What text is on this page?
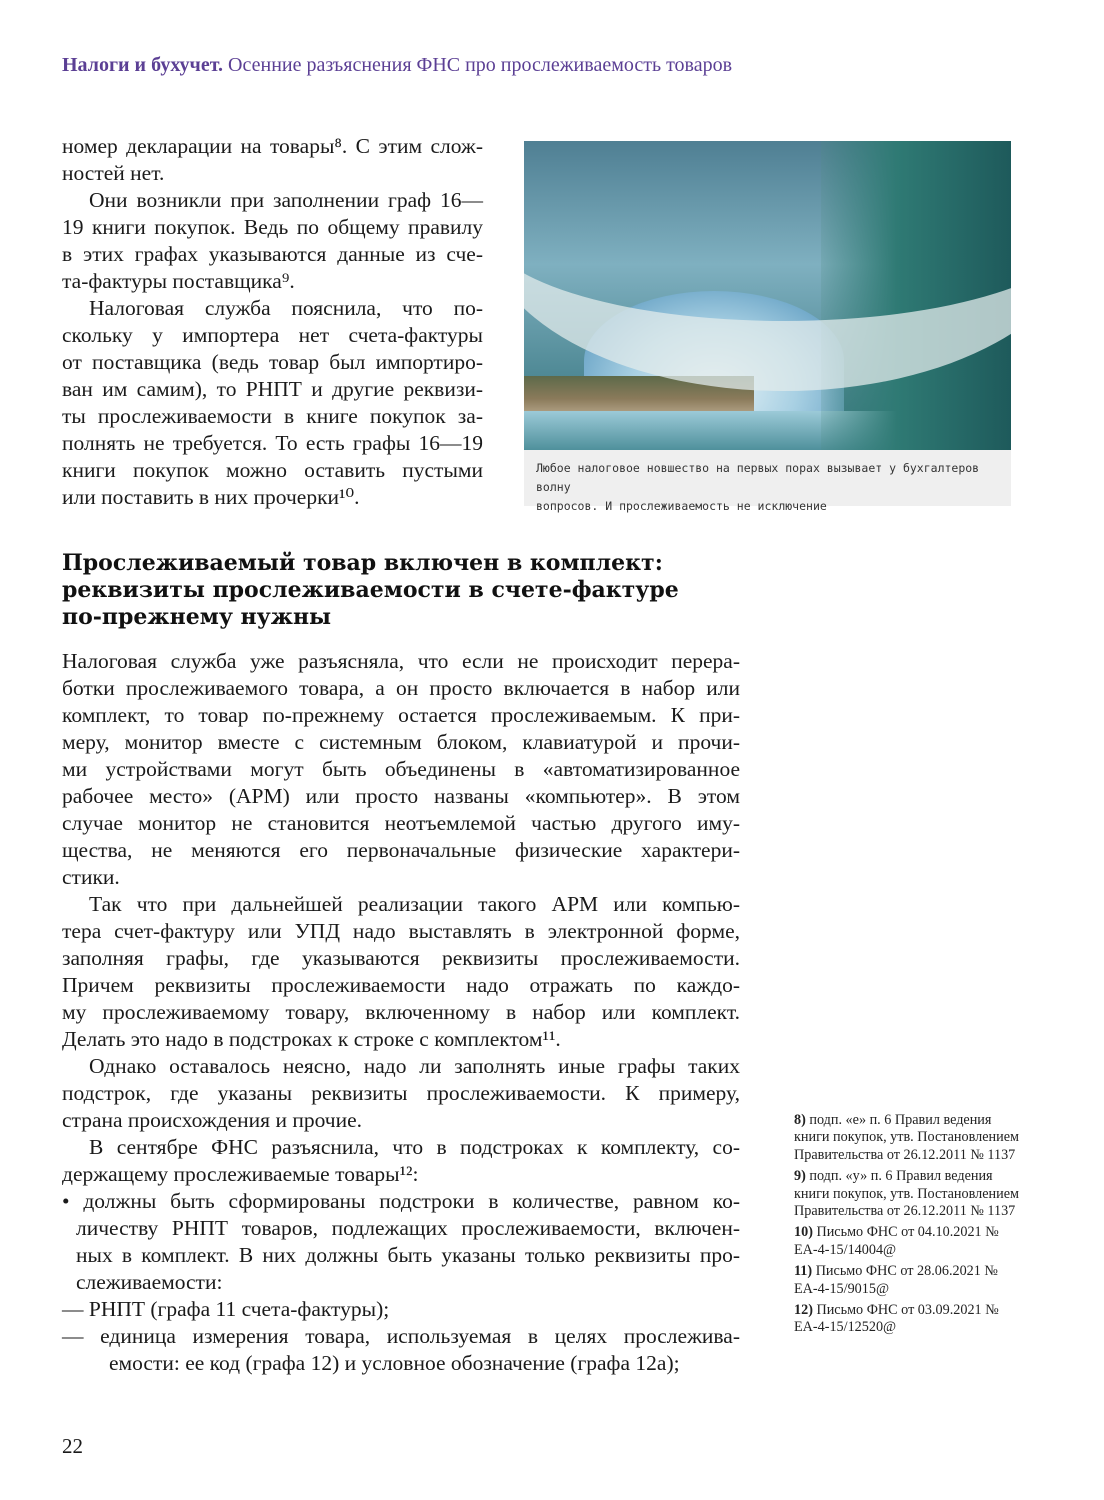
Налоги и бухучет. Осенние разъяснения ФНС про прослеживаемость товаров
номер декларации на товары⁸. С этим слож-
ностей нет.
Они возникли при заполнении граф 16—
19 книги покупок. Ведь по общему правилу
в этих графах указываются данные из сче-
та-фактуры поставщика⁹.
Налоговая служба пояснила, что по-
скольку у импортера нет счета-фактуры
от поставщика (ведь товар был импортиро-
ван им самим), то РНПТ и другие реквизи-
ты прослеживаемости в книге покупок за-
полнять не требуется. То есть графы 16—19
книги покупок можно оставить пустыми
или поставить в них прочерки¹⁰.
Любое налоговое новшество на первых порах вызывает у бухгалтеров волну
вопросов. И прослеживаемость не исключение
Прослеживаемый товар включен в комплект:
реквизиты прослеживаемости в счете-фактуре
по-прежнему нужны
Налоговая служба уже разъясняла, что если не происходит перера-
ботки прослеживаемого товара, а он просто включается в набор или
комплект, то товар по-прежнему остается прослеживаемым. К при-
меру, монитор вместе с системным блоком, клавиатурой и прочи-
ми устройствами могут быть объединены в «автоматизированное
рабочее место» (АРМ) или просто названы «компьютер». В этом
случае монитор не становится неотъемлемой частью другого иму-
щества, не меняются его первоначальные физические характери-
стики.
Так что при дальнейшей реализации такого АРМ или компью-
тера счет-фактуру или УПД надо выставлять в электронной форме,
заполняя графы, где указываются реквизиты прослеживаемости.
Причем реквизиты прослеживаемости надо отражать по каждо-
му прослеживаемому товару, включенному в набор или комплект.
Делать это надо в подстроках к строке с комплектом¹¹.
Однако оставалось неясно, надо ли заполнять иные графы таких
подстрок, где указаны реквизиты прослеживаемости. К примеру,
страна происхождения и прочие.
В сентябре ФНС разъяснила, что в подстроках к комплекту, со-
держащему прослеживаемые товары¹²:
• должны быть сформированы подстроки в количестве, равном ко-
личеству РНПТ товаров, подлежащих прослеживаемости, включен-
ных в комплект. В них должны быть указаны только реквизиты про-
слеживаемости:
— РНПТ (графа 11 счета-фактуры);
— единица измерения товара, используемая в целях прослежива-
емости: ее код (графа 12) и условное обозначение (графа 12а);
8) подп. «е» п. 6 Правил ведения книги покупок, утв. Постановлением Правительства от 26.12.2011 № 1137
9) подп. «у» п. 6 Правил ведения книги покупок, утв. Постановлением Правительства от 26.12.2011 № 1137
10) Письмо ФНС от 04.10.2021 № ЕА-4-15/14004@
11) Письмо ФНС от 28.06.2021 № ЕА-4-15/9015@
12) Письмо ФНС от 03.09.2021 № ЕА-4-15/12520@
22
